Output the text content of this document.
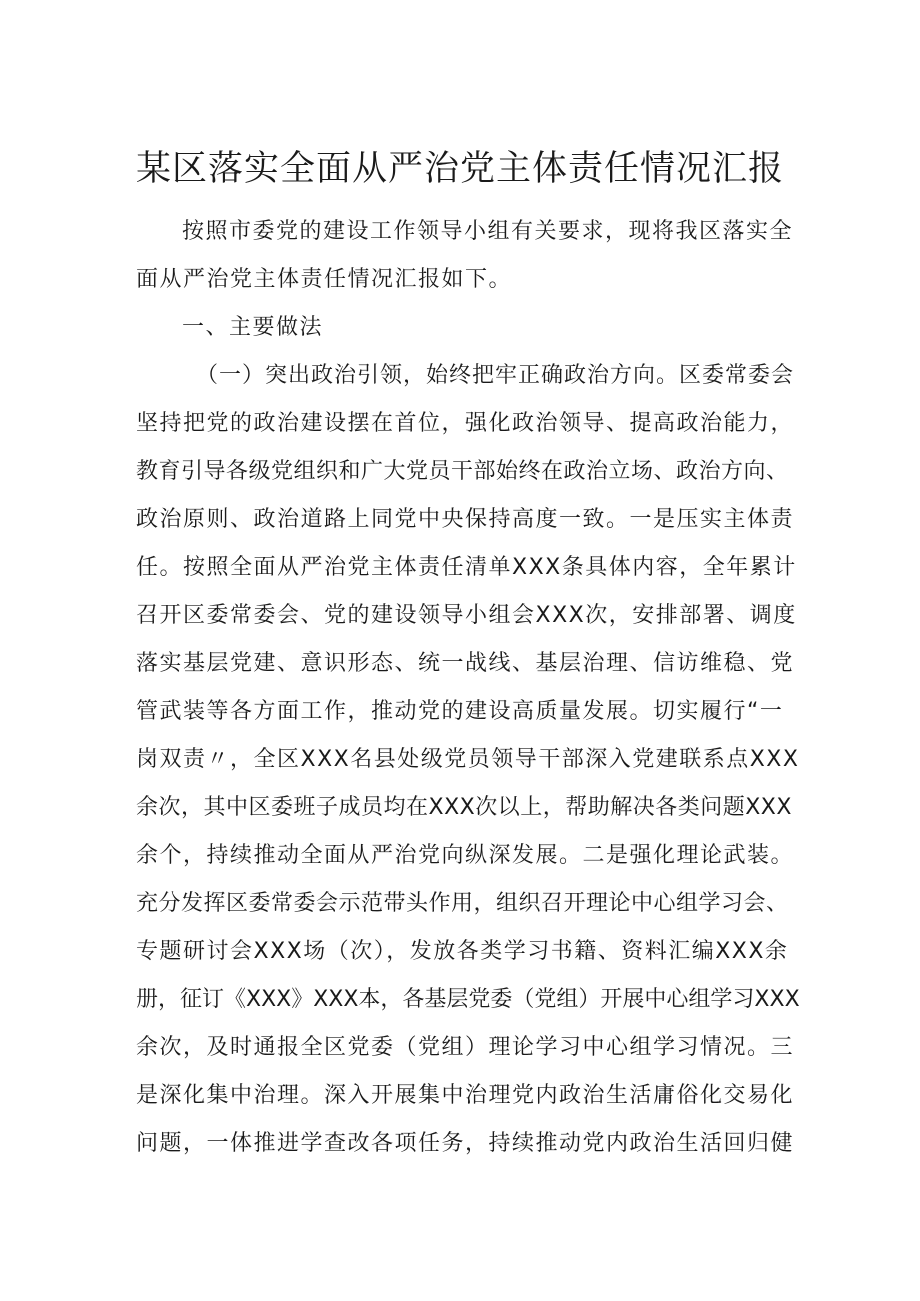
某区落实全面从严治党主体责任情况汇报

按照市委党的建设工作领导小组有关要求，现将我区落实全

面从严治党主体责任情况汇报如下。

一、主要做法

（一）突出政治引领，始终把牢正确政治方向。区委常委会

坚持把党的政治建设摆在首位，强化政治领导、提高政治能力，

教育引导各级党组织和广大党员干部始终在政治立场、政治方向、

政治原则、政治道路上同党中央保持高度一致。一是压实主体责

任。按照全面从严治党主体责任清单XXX条具体内容，全年累计

召开区委常委会、党的建设领导小组会XXX次，安排部署、调度

落实基层党建、意识形态、统一战线、基层治理、信访维稳、党

管武装等各方面工作，推动党的建设高质量发展。切实履行“一

岗双责〃，全区XXX名县处级党员领导干部深入党建联系点XXX

余次，其中区委班子成员均在XXX次以上，帮助解决各类问题XXX

余个，持续推动全面从严治党向纵深发展。二是强化理论武装。

充分发挥区委常委会示范带头作用，组织召开理论中心组学习会、

专题研讨会XXX场（次），发放各类学习书籍、资料汇编XXX余

册，征订《XXX》XXX本，各基层党委（党组）开展中心组学习XXX

余次，及时通报全区党委（党组）理论学习中心组学习情况。三

是深化集中治理。深入开展集中治理党内政治生活庸俗化交易化

问题，一体推进学查改各项任务，持续推动党内政治生活回归健
